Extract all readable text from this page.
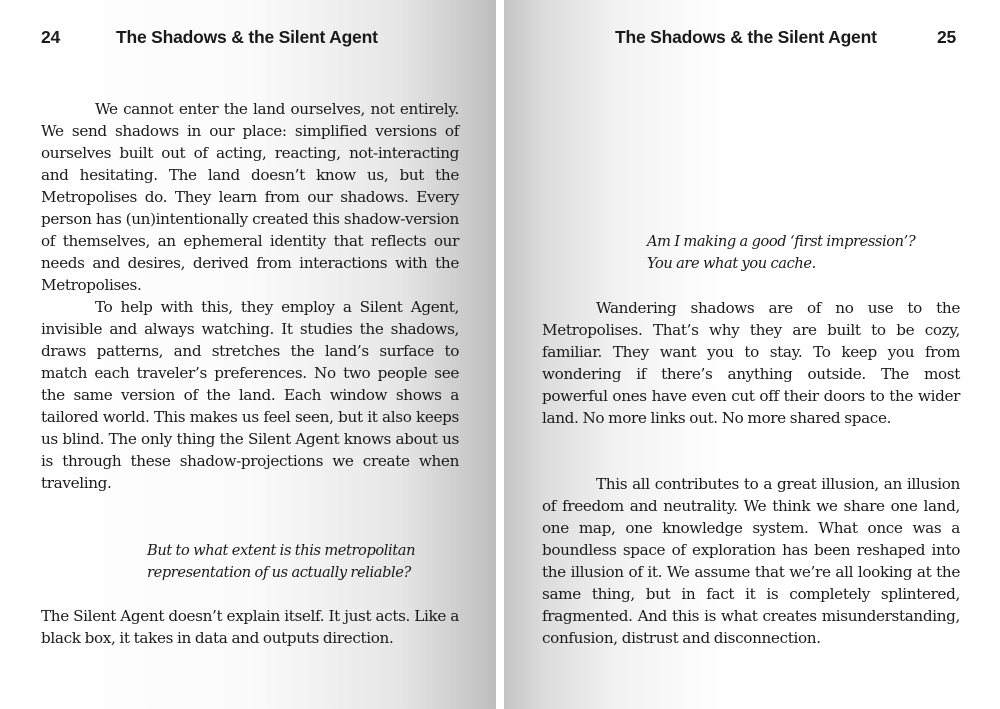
24	The Shadows & the Silent Agent

We cannot enter the land ourselves, not entirely. We send shadows in our place: simplified versions of ourselves built out of acting, reacting, not-interacting and hesitating. The land doesn’t know us, but the Metropolises do. They learn from our shadows. Every person has (un)intentionally created this shadow-version of themselves, an ephemeral identity that reflects our needs and desires, derived from interactions with the Metropolises.

To help with this, they employ a Silent Agent, invisible and always watching. It studies the shadows, draws patterns, and stretches the land’s surface to match each traveler’s preferences. No two people see the same version of the land. Each window shows a tailored world. This makes us feel seen, but it also keeps us blind. The only thing the Silent Agent knows about us is through these shadow-projections we create when traveling.

But to what extent is this metropolitan
representation of us actually reliable?

The Silent Agent doesn’t explain itself. It just acts. Like a black box, it takes in data and outputs direction.

The Shadows & the Silent Agent	25
Am I making a good ‘first impression’?
You are what you cache.

Wandering shadows are of no use to the Metropolises. That’s why they are built to be cozy, familiar. They want you to stay. To keep you from wondering if there’s anything outside. The most powerful ones have even cut off their doors to the wider land. No more links out. No more shared space.

This all contributes to a great illusion, an illusion of freedom and neutrality. We think we share one land, one map, one knowledge system. What once was a boundless space of exploration has been reshaped into the illusion of it. We assume that we’re all looking at the same thing, but in fact it is completely splintered, fragmented. And this is what creates misunderstanding, confusion, distrust and disconnection.
